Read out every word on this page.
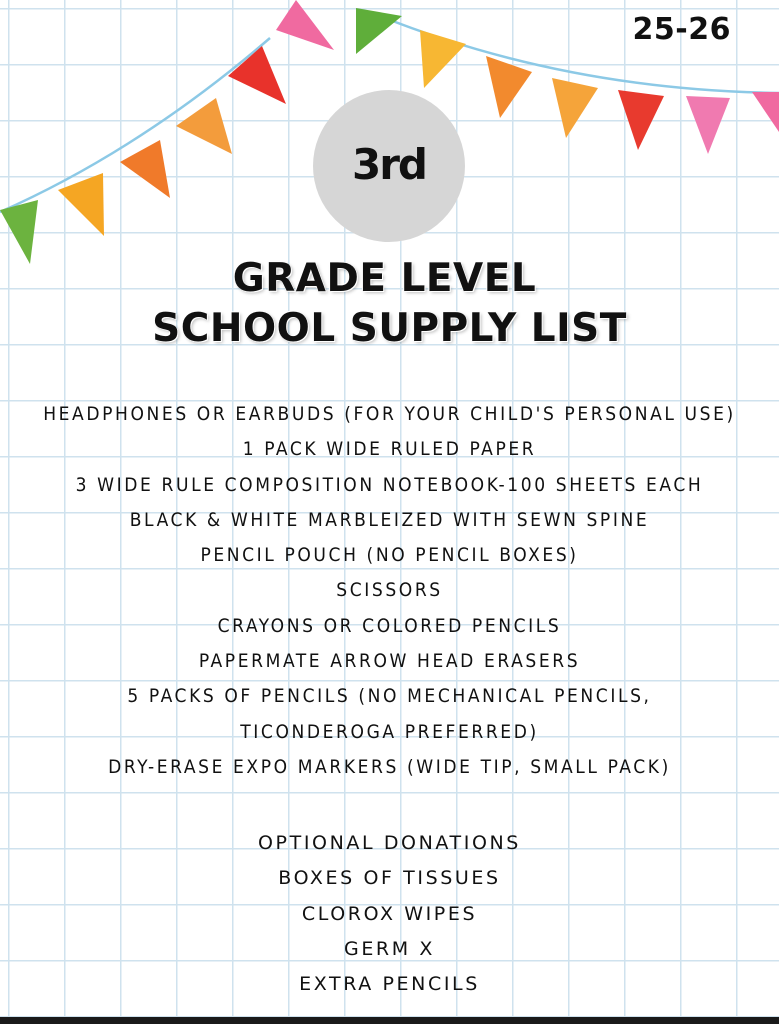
25-26
3rd
GRADE LEVEL
SCHOOL SUPPLY LIST
HEADPHONES OR EARBUDS (FOR YOUR CHILD'S PERSONAL USE)
1 PACK WIDE RULED PAPER
3 WIDE RULE COMPOSITION NOTEBOOK-100 SHEETS EACH
BLACK & WHITE MARBLEIZED WITH SEWN SPINE
PENCIL POUCH (NO PENCIL BOXES)
SCISSORS
CRAYONS OR COLORED PENCILS
PAPERMATE ARROW HEAD ERASERS
5 PACKS OF PENCILS (NO MECHANICAL PENCILS,
TICONDEROGA PREFERRED)
DRY-ERASE EXPO MARKERS (WIDE TIP, SMALL PACK)
OPTIONAL DONATIONS
BOXES OF TISSUES
CLOROX WIPES
GERM X
EXTRA PENCILS
